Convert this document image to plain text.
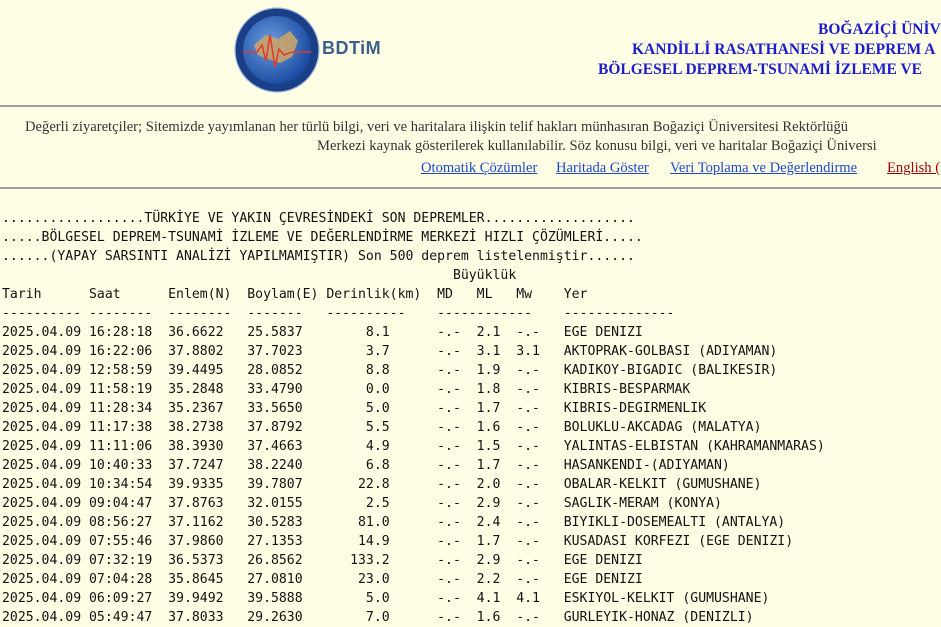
BDTiM
BOĞAZİÇİ ÜNİV
KANDİLLİ RASATHANESİ VE DEPREM A
BÖLGESEL DEPREM-TSUNAMİ İZLEME VE
Değerli ziyaretçiler; Sitemizde yayımlanan her türlü bilgi, veri ve haritalara ilişkin telif hakları münhasıran Boğaziçi Üniversitesi Rektörlüğü
Merkezi kaynak gösterilerek kullanılabilir. Söz konusu bilgi, veri ve haritalar Boğaziçi Üniversi
Otomatik Çözümler Haritada Göster Veri Toplama ve Değerlendirme English (
..................TÜRKİYE VE YAKIN ÇEVRESİNDEKİ SON DEPREMLER...................
.....BÖLGESEL DEPREM-TSUNAMİ İZLEME VE DEĞERLENDİRME MERKEZİ HIZLI ÇÖZÜMLERİ.....
......(YAPAY SARSINTI ANALİZİ YAPILMAMIŞTIR) Son 500 deprem listelenmiştir......
Büyüklük
Tarih      Saat      Enlem(N)  Boylam(E) Derinlik(km)  MD   ML   Mw    Yer
---------- --------  --------  -------   ----------    ------------    --------------
2025.04.09 16:28:18  36.6622   25.5837        8.1      -.-  2.1  -.-   EGE DENIZI
2025.04.09 16:22:06  37.8802   37.7023        3.7      -.-  3.1  3.1   AKTOPRAK-GOLBASI (ADIYAMAN)
2025.04.09 12:58:59  39.4495   28.0852        8.8      -.-  1.9  -.-   KADIKOY-BIGADIC (BALIKESIR)
2025.04.09 11:58:19  35.2848   33.4790        0.0      -.-  1.8  -.-   KIBRIS-BESPARMAK
2025.04.09 11:28:34  35.2367   33.5650        5.0      -.-  1.7  -.-   KIBRIS-DEGIRMENLIK
2025.04.09 11:17:38  38.2738   37.8792        5.5      -.-  1.6  -.-   BOLUKLU-AKCADAG (MALATYA)
2025.04.09 11:11:06  38.3930   37.4663        4.9      -.-  1.5  -.-   YALINTAS-ELBISTAN (KAHRAMANMARAS)
2025.04.09 10:40:33  37.7247   38.2240        6.8      -.-  1.7  -.-   HASANKENDI-(ADIYAMAN)
2025.04.09 10:34:54  39.9335   39.7807       22.8      -.-  2.0  -.-   OBALAR-KELKIT (GUMUSHANE)
2025.04.09 09:04:47  37.8763   32.0155        2.5      -.-  2.9  -.-   SAGLIK-MERAM (KONYA)
2025.04.09 08:56:27  37.1162   30.5283       81.0      -.-  2.4  -.-   BIYIKLI-DOSEMEALTI (ANTALYA)
2025.04.09 07:55:46  37.9860   27.1353       14.9      -.-  1.7  -.-   KUSADASI KORFEZI (EGE DENIZI)
2025.04.09 07:32:19  36.5373   26.8562      133.2      -.-  2.9  -.-   EGE DENIZI
2025.04.09 07:04:28  35.8645   27.0810       23.0      -.-  2.2  -.-   EGE DENIZI
2025.04.09 06:09:27  39.9492   39.5888        5.0      -.-  4.1  4.1   ESKIYOL-KELKIT (GUMUSHANE)
2025.04.09 05:49:47  37.8033   29.2630        7.0      -.-  1.6  -.-   GURLEYIK-HONAZ (DENIZLI)
